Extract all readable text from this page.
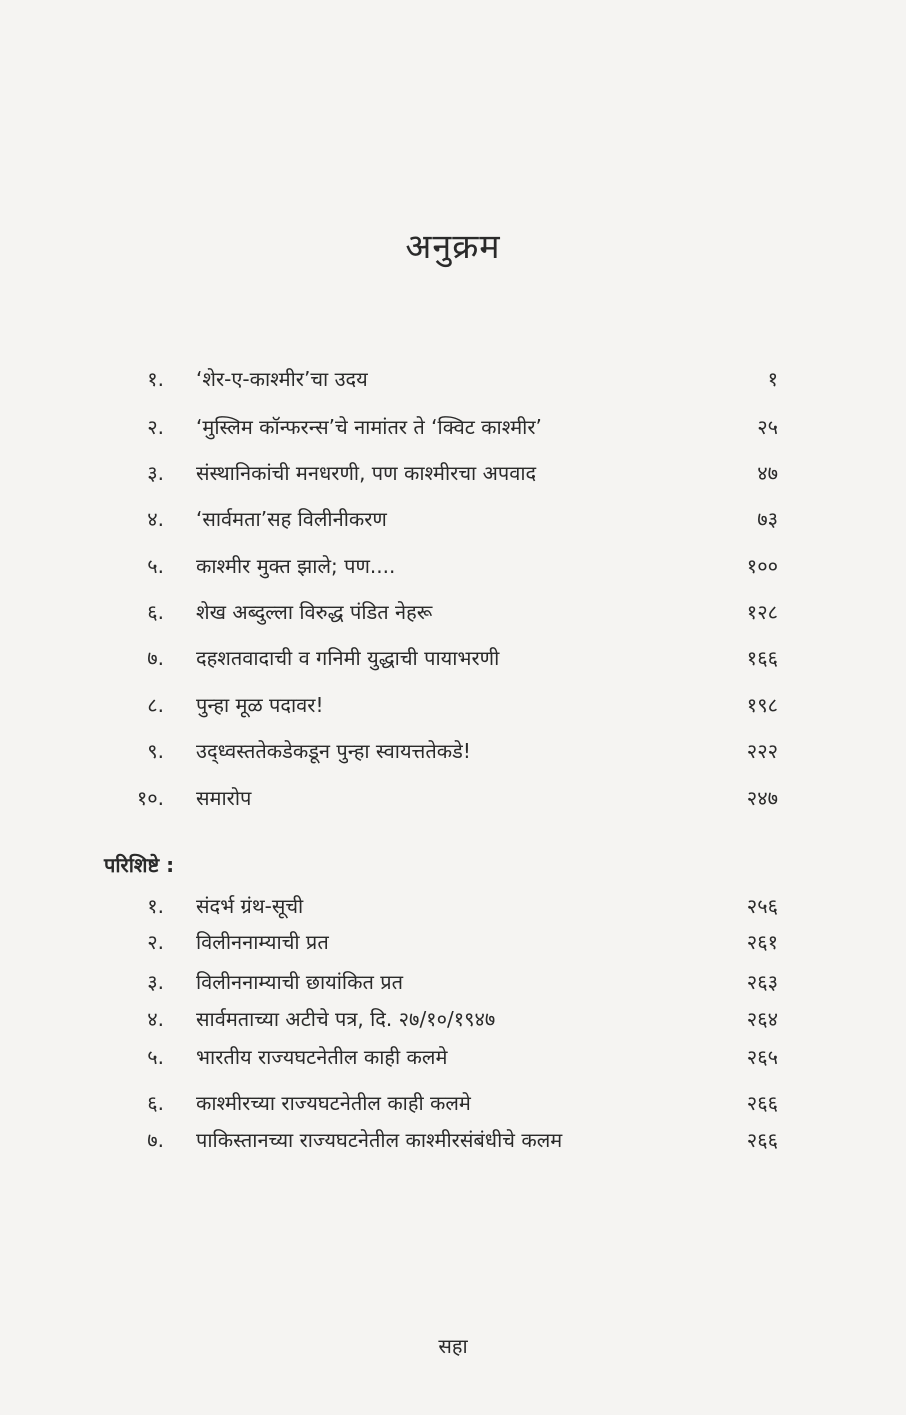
अनुक्रम
१. ‘शेर-ए-काश्मीर’चा उदय	१
२. ‘मुस्लिम कॉन्फरन्स’चे नामांतर ते ‘क्विट काश्मीर’	२५
३. संस्थानिकांची मनधरणी, पण काश्मीरचा अपवाद	४७
४. ‘सार्वमता’सह विलीनीकरण	७३
५. काश्मीर मुक्त झाले; पण....	१००
६. शेख अब्दुल्ला विरुद्ध पंडित नेहरू	१२८
७. दहशतवादाची व गनिमी युद्धाची पायाभरणी	१६६
८. पुन्हा मूळ पदावर!	१९८
९. उद्ध्वस्ततेकडेकडून पुन्हा स्वायत्ततेकडे!	२२२
१०. समारोप	२४७
परिशिष्टे :
१. संदर्भ ग्रंथ-सूची	२५६
२. विलीननाम्याची प्रत	२६१
३. विलीननाम्याची छायांकित प्रत	२६३
४. सार्वमताच्या अटीचे पत्र, दि. २७/१०/१९४७	२६४
५. भारतीय राज्यघटनेतील काही कलमे	२६५
६. काश्मीरच्या राज्यघटनेतील काही कलमे	२६६
७. पाकिस्तानच्या राज्यघटनेतील काश्मीरसंबंधीचे कलम	२६६
सहा
